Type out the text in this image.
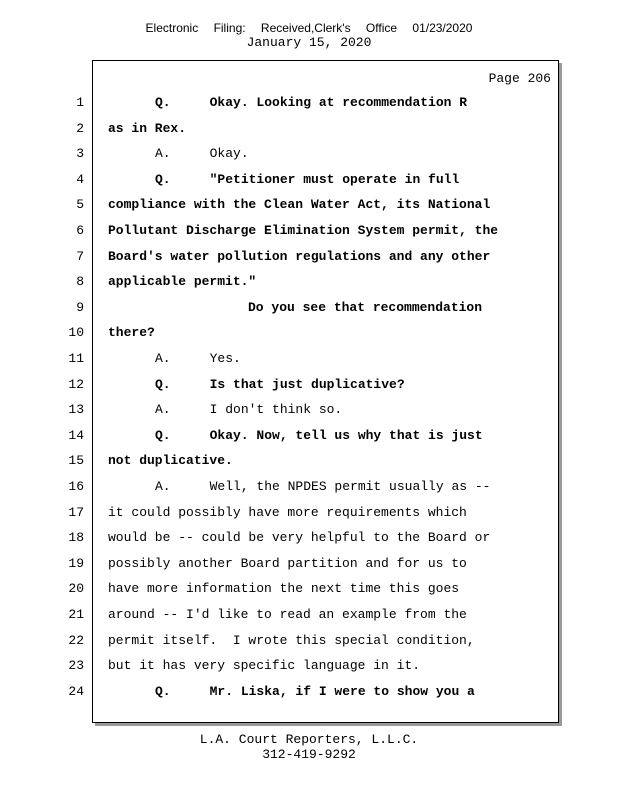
Electronic Filing: Received,Clerk's Office 01/23/2020
January 15, 2020
Page 206
1	Q.     Okay. Looking at recommendation R
2 as in Rex.
3	A.     Okay.
4	Q.     "Petitioner must operate in full
5 compliance with the Clean Water Act, its National
6 Pollutant Discharge Elimination System permit, the
7 Board's water pollution regulations and any other
8 applicable permit."
9	Do you see that recommendation
10 there?
11	A.     Yes.
12	Q.     Is that just duplicative?
13	A.     I don't think so.
14	Q.     Okay. Now, tell us why that is just
15 not duplicative.
16	A.     Well, the NPDES permit usually as --
17 it could possibly have more requirements which
18 would be -- could be very helpful to the Board or
19 possibly another Board partition and for us to
20 have more information the next time this goes
21 around -- I'd like to read an example from the
22 permit itself.  I wrote this special condition,
23 but it has very specific language in it.
24	Q.     Mr. Liska, if I were to show you a
L.A. Court Reporters, L.L.C.
312-419-9292
